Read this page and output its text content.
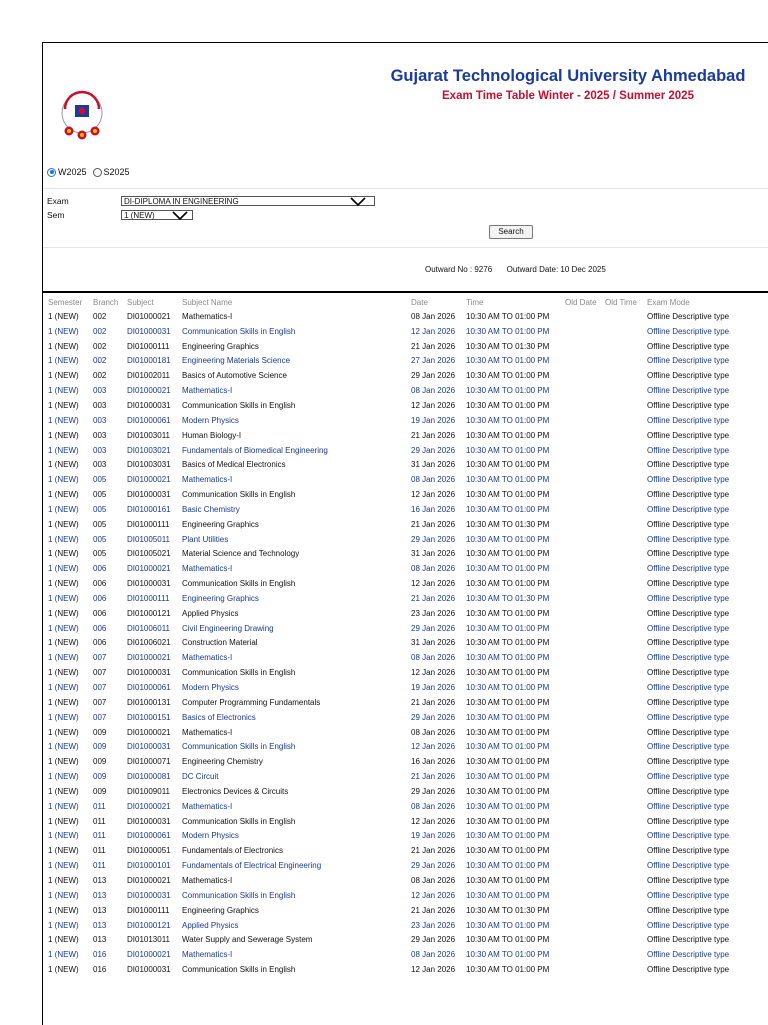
Gujarat Technological University Ahmedabad
Exam Time Table Winter - 2025 / Summer 2025
W2025 S2025
Exam	DI-DIPLOMA IN ENGINEERING
Sem	1 (NEW)
Search
Outward No : 9276 Outward Date: 10 Dec 2025
Semester	Branch	Subject	Subject Name	Date	Time	Old Date	Old Time	Exam Mode
1 (NEW)	002	DI01000021	Mathematics-I	08 Jan 2026	10:30 AM TO 01:00 PM			Offline Descriptive type
1 (NEW)	002	DI01000031	Communication Skills in English	12 Jan 2026	10:30 AM TO 01:00 PM			Offline Descriptive type
1 (NEW)	002	DI01000111	Engineering Graphics	21 Jan 2026	10:30 AM TO 01:30 PM			Offline Descriptive type
1 (NEW)	002	DI01000181	Engineering Materials Science	27 Jan 2026	10:30 AM TO 01:00 PM			Offline Descriptive type
1 (NEW)	002	DI01002011	Basics of Automotive Science	29 Jan 2026	10:30 AM TO 01:00 PM			Offline Descriptive type
1 (NEW)	003	DI01000021	Mathematics-I	08 Jan 2026	10:30 AM TO 01:00 PM			Offline Descriptive type
1 (NEW)	003	DI01000031	Communication Skills in English	12 Jan 2026	10:30 AM TO 01:00 PM			Offline Descriptive type
1 (NEW)	003	DI01000061	Modern Physics	19 Jan 2026	10:30 AM TO 01:00 PM			Offline Descriptive type
1 (NEW)	003	DI01003011	Human Biology-I	21 Jan 2026	10:30 AM TO 01:00 PM			Offline Descriptive type
1 (NEW)	003	DI01003021	Fundamentals of Biomedical Engineering	29 Jan 2026	10:30 AM TO 01:00 PM			Offline Descriptive type
1 (NEW)	003	DI01003031	Basics of Medical Electronics	31 Jan 2026	10:30 AM TO 01:00 PM			Offline Descriptive type
1 (NEW)	005	DI01000021	Mathematics-I	08 Jan 2026	10:30 AM TO 01:00 PM			Offline Descriptive type
1 (NEW)	005	DI01000031	Communication Skills in English	12 Jan 2026	10:30 AM TO 01:00 PM			Offline Descriptive type
1 (NEW)	005	DI01000161	Basic Chemistry	16 Jan 2026	10:30 AM TO 01:00 PM			Offline Descriptive type
1 (NEW)	005	DI01000111	Engineering Graphics	21 Jan 2026	10:30 AM TO 01:30 PM			Offline Descriptive type
1 (NEW)	005	DI01005011	Plant Utilities	29 Jan 2026	10:30 AM TO 01:00 PM			Offline Descriptive type
1 (NEW)	005	DI01005021	Material Science and Technology	31 Jan 2026	10:30 AM TO 01:00 PM			Offline Descriptive type
1 (NEW)	006	DI01000021	Mathematics-I	08 Jan 2026	10:30 AM TO 01:00 PM			Offline Descriptive type
1 (NEW)	006	DI01000031	Communication Skills in English	12 Jan 2026	10:30 AM TO 01:00 PM			Offline Descriptive type
1 (NEW)	006	DI01000111	Engineering Graphics	21 Jan 2026	10:30 AM TO 01:30 PM			Offline Descriptive type
1 (NEW)	006	DI01000121	Applied Physics	23 Jan 2026	10:30 AM TO 01:00 PM			Offline Descriptive type
1 (NEW)	006	DI01006011	Civil Engineering Drawing	29 Jan 2026	10:30 AM TO 01:00 PM			Offline Descriptive type
1 (NEW)	006	DI01006021	Construction Material	31 Jan 2026	10:30 AM TO 01:00 PM			Offline Descriptive type
1 (NEW)	007	DI01000021	Mathematics-I	08 Jan 2026	10:30 AM TO 01:00 PM			Offline Descriptive type
1 (NEW)	007	DI01000031	Communication Skills in English	12 Jan 2026	10:30 AM TO 01:00 PM			Offline Descriptive type
1 (NEW)	007	DI01000061	Modern Physics	19 Jan 2026	10:30 AM TO 01:00 PM			Offline Descriptive type
1 (NEW)	007	DI01000131	Computer Programming Fundamentals	21 Jan 2026	10:30 AM TO 01:00 PM			Offline Descriptive type
1 (NEW)	007	DI01000151	Basics of Electronics	29 Jan 2026	10:30 AM TO 01:00 PM			Offline Descriptive type
1 (NEW)	009	DI01000021	Mathematics-I	08 Jan 2026	10:30 AM TO 01:00 PM			Offline Descriptive type
1 (NEW)	009	DI01000031	Communication Skills in English	12 Jan 2026	10:30 AM TO 01:00 PM			Offline Descriptive type
1 (NEW)	009	DI01000071	Engineering Chemistry	16 Jan 2026	10:30 AM TO 01:00 PM			Offline Descriptive type
1 (NEW)	009	DI01000081	DC Circuit	21 Jan 2026	10:30 AM TO 01:00 PM			Offline Descriptive type
1 (NEW)	009	DI01009011	Electronics Devices & Circuits	29 Jan 2026	10:30 AM TO 01:00 PM			Offline Descriptive type
1 (NEW)	011	DI01000021	Mathematics-I	08 Jan 2026	10:30 AM TO 01:00 PM			Offline Descriptive type
1 (NEW)	011	DI01000031	Communication Skills in English	12 Jan 2026	10:30 AM TO 01:00 PM			Offline Descriptive type
1 (NEW)	011	DI01000061	Modern Physics	19 Jan 2026	10:30 AM TO 01:00 PM			Offline Descriptive type
1 (NEW)	011	DI01000051	Fundamentals of Electronics	21 Jan 2026	10:30 AM TO 01:00 PM			Offline Descriptive type
1 (NEW)	011	DI01000101	Fundamentals of Electrical Engineering	29 Jan 2026	10:30 AM TO 01:00 PM			Offline Descriptive type
1 (NEW)	013	DI01000021	Mathematics-I	08 Jan 2026	10:30 AM TO 01:00 PM			Offline Descriptive type
1 (NEW)	013	DI01000031	Communication Skills in English	12 Jan 2026	10:30 AM TO 01:00 PM			Offline Descriptive type
1 (NEW)	013	DI01000111	Engineering Graphics	21 Jan 2026	10:30 AM TO 01:30 PM			Offline Descriptive type
1 (NEW)	013	DI01000121	Applied Physics	23 Jan 2026	10:30 AM TO 01:00 PM			Offline Descriptive type
1 (NEW)	013	DI01013011	Water Supply and Sewerage System	29 Jan 2026	10:30 AM TO 01:00 PM			Offline Descriptive type
1 (NEW)	016	DI01000021	Mathematics-I	08 Jan 2026	10:30 AM TO 01:00 PM			Offline Descriptive type
1 (NEW)	016	DI01000031	Communication Skills in English	12 Jan 2026	10:30 AM TO 01:00 PM			Offline Descriptive type
